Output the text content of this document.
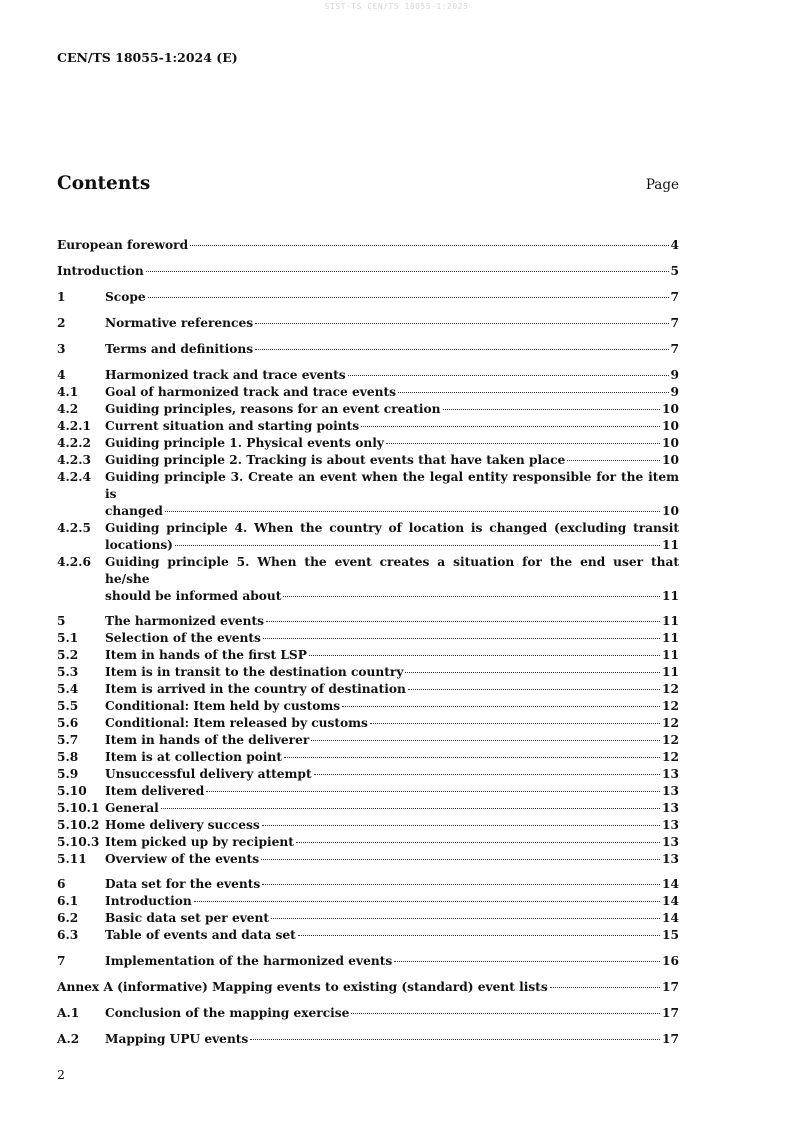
SIST-TS CEN/TS 18055-1:2025
CEN/TS 18055-1:2024 (E)
Contents	Page
European foreword	4
Introduction	5
1	Scope	7
2	Normative references	7
3	Terms and definitions	7
4	Harmonized track and trace events	9
4.1	Goal of harmonized track and trace events	9
4.2	Guiding principles, reasons for an event creation	10
4.2.1	Current situation and starting points	10
4.2.2	Guiding principle 1. Physical events only	10
4.2.3	Guiding principle 2. Tracking is about events that have taken place	10
4.2.4	Guiding principle 3. Create an event when the legal entity responsible for the item is
changed	10
4.2.5	Guiding principle 4. When the country of location is changed (excluding transit
locations)	11
4.2.6	Guiding principle 5. When the event creates a situation for the end user that he/she
should be informed about	11
5	The harmonized events	11
5.1	Selection of the events	11
5.2	Item in hands of the first LSP	11
5.3	Item is in transit to the destination country	11
5.4	Item is arrived in the country of destination	12
5.5	Conditional: Item held by customs	12
5.6	Conditional: Item released by customs	12
5.7	Item in hands of the deliverer	12
5.8	Item is at collection point	12
5.9	Unsuccessful delivery attempt	13
5.10	Item delivered	13
5.10.1 General	13
5.10.2 Home delivery success	13
5.10.3 Item picked up by recipient	13
5.11	Overview of the events	13
6	Data set for the events	14
6.1	Introduction	14
6.2	Basic data set per event	14
6.3	Table of events and data set	15
7	Implementation of the harmonized events	16
Annex A (informative) Mapping events to existing (standard) event lists	17
A.1	Conclusion of the mapping exercise	17
A.2	Mapping UPU events	17
2
